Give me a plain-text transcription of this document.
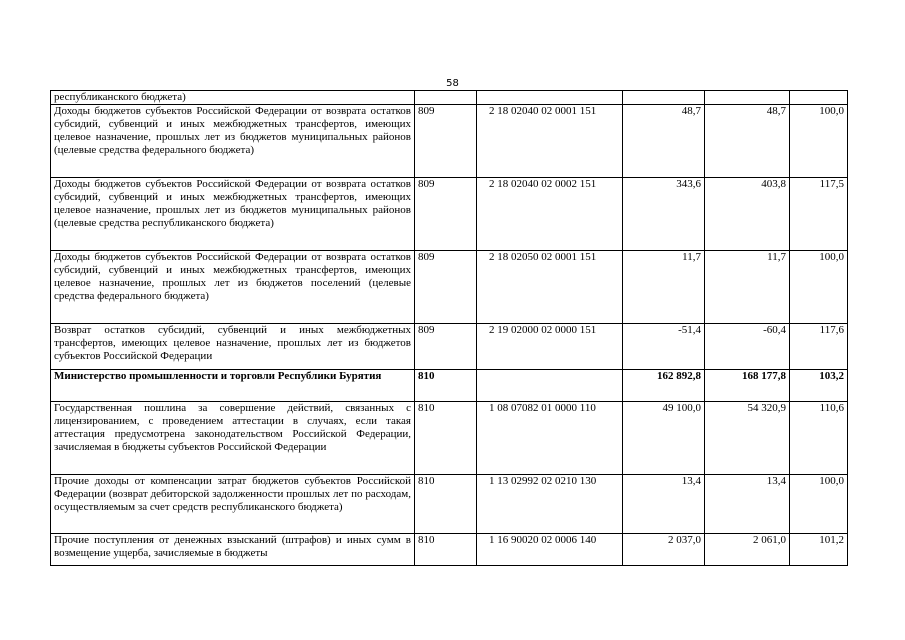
58
республиканского бюджета)					
Доходы бюджетов субъектов Российской Федерации от возврата остатков субсидий, субвенций и иных межбюджетных трансфертов, имеющих целевое назначение, прошлых лет из бюджетов муниципальных районов (целевые средства федерального бюджета)	809	2 18 02040 02 0001 151	48,7	48,7	100,0
Доходы бюджетов субъектов Российской Федерации от возврата остатков субсидий, субвенций и иных межбюджетных трансфертов, имеющих целевое назначение, прошлых лет из бюджетов муниципальных районов (целевые средства республиканского бюджета)	809	2 18 02040 02 0002 151	343,6	403,8	117,5
Доходы бюджетов субъектов Российской Федерации от возврата остатков субсидий, субвенций и иных межбюджетных трансфертов, имеющих целевое назначение, прошлых лет из бюджетов поселений (целевые средства федерального бюджета)	809	2 18 02050 02 0001 151	11,7	11,7	100,0
Возврат остатков субсидий, субвенций и иных межбюджетных трансфертов, имеющих целевое назначение, прошлых лет из бюджетов субъектов Российской Федерации	809	2 19 02000 02 0000 151	-51,4	-60,4	117,6
Министерство промышленности и торговли Республики Бурятия	810		162 892,8	168 177,8	103,2
Государственная пошлина за совершение действий, связанных с лицензированием, с проведением аттестации в случаях, если такая аттестация предусмотрена законодательством Российской Федерации, зачисляемая в бюджеты субъектов Российской Федерации	810	1 08 07082 01 0000 110	49 100,0	54 320,9	110,6
Прочие доходы от компенсации затрат бюджетов субъектов Российской Федерации (возврат дебиторской задолженности прошлых лет по расходам, осуществляемым за счет средств республиканского бюджета)	810	1 13 02992 02 0210 130	13,4	13,4	100,0
Прочие поступления от денежных взысканий (штрафов) и иных сумм в возмещение ущерба, зачисляемые в бюджеты	810	1 16 90020 02 0006 140	2 037,0	2 061,0	101,2
